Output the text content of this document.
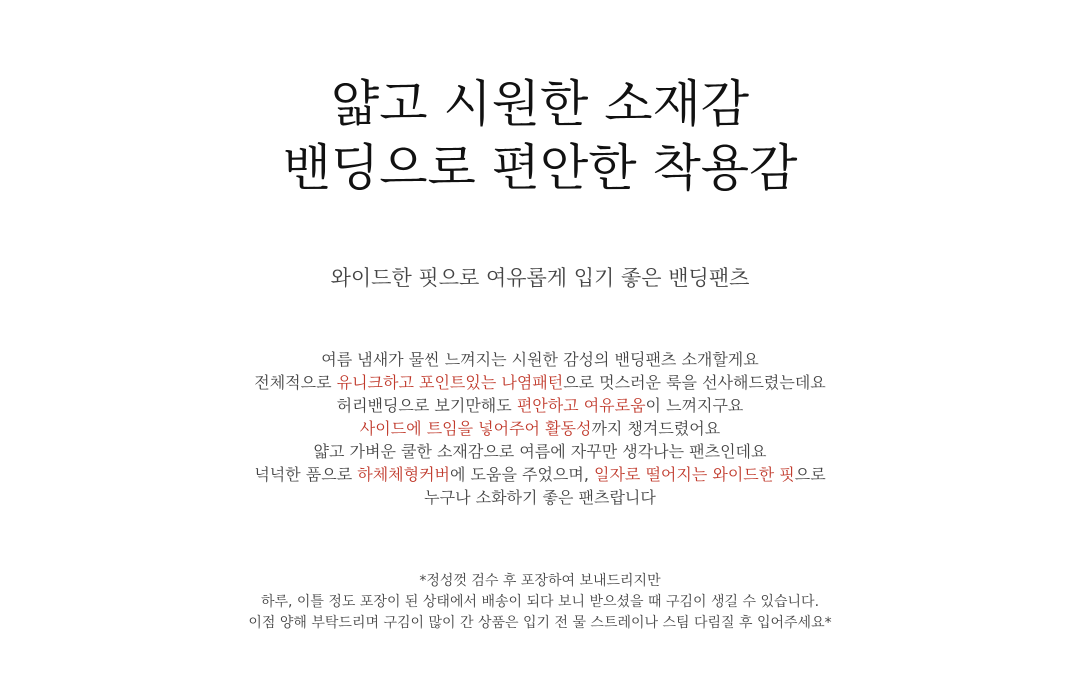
얇고 시원한 소재감
밴딩으로 편안한 착용감

와이드한 핏으로 여유롭게 입기 좋은 밴딩팬츠

여름 냄새가 물씬 느껴지는 시원한 감성의 밴딩팬츠 소개할게요
전체적으로 유니크하고 포인트있는 나염패턴으로 멋스러운 룩을 선사해드렸는데요
허리밴딩으로 보기만해도 편안하고 여유로움이 느껴지구요
사이드에 트임을 넣어주어 활동성까지 챙겨드렸어요
얇고 가벼운 쿨한 소재감으로 여름에 자꾸만 생각나는 팬츠인데요
넉넉한 품으로 하체체형커버에 도움을 주었으며, 일자로 떨어지는 와이드한 핏으로
누구나 소화하기 좋은 팬츠랍니다

*정성껏 검수 후 포장하여 보내드리지만
하루, 이틀 정도 포장이 된 상태에서 배송이 되다 보니 받으셨을 때 구김이 생길 수 있습니다.
이점 양해 부탁드리며 구김이 많이 간 상품은 입기 전 물 스트레이나 스팀 다림질 후 입어주세요*
